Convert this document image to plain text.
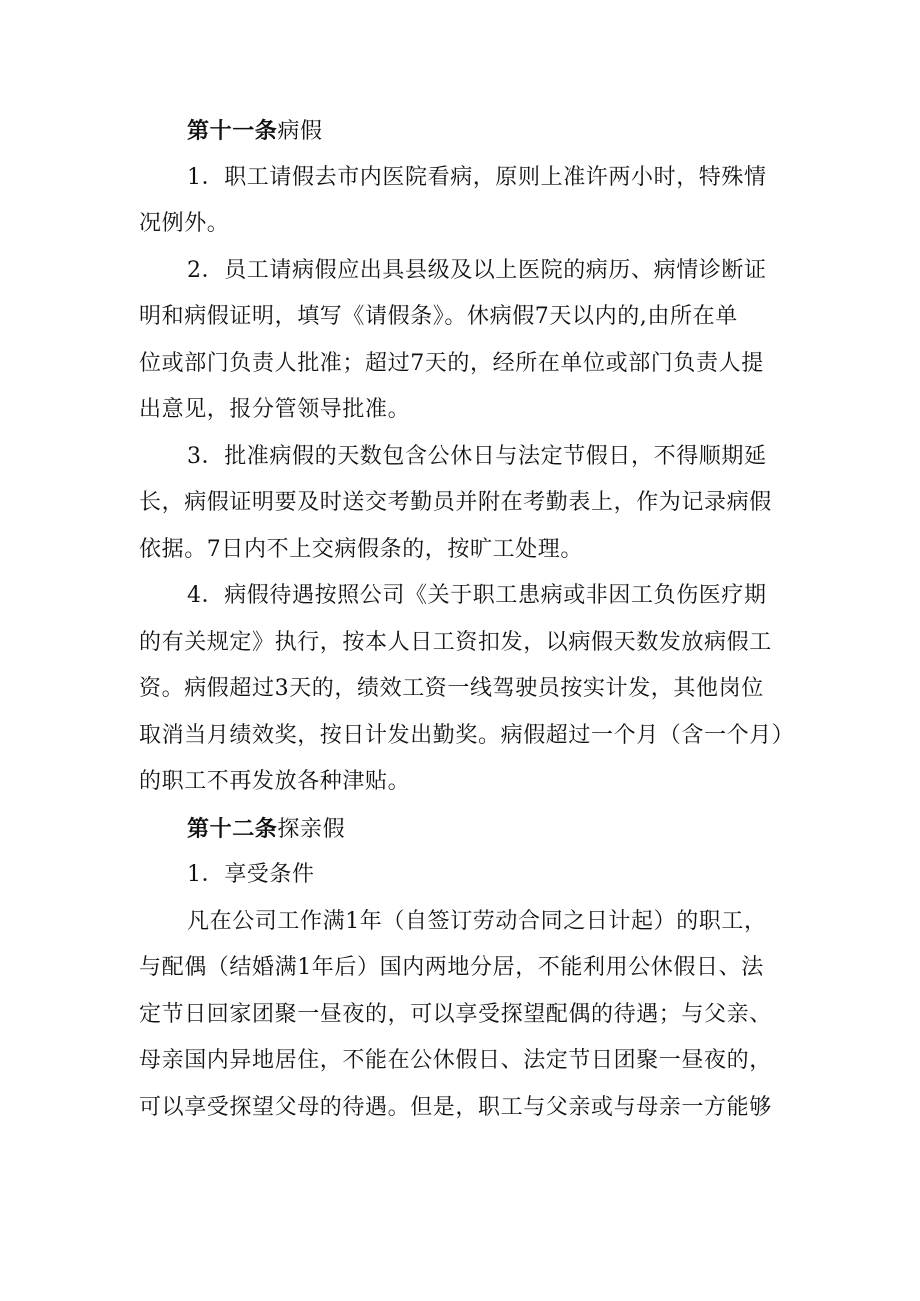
第十一条病假
1．职工请假去市内医院看病，原则上准许两小时，特殊情
况例外。
2．员工请病假应出具县级及以上医院的病历、病情诊断证
明和病假证明，填写《请假条》。休病假7天以内的,由所在单
位或部门负责人批准；超过7天的，经所在单位或部门负责人提
出意见，报分管领导批准。
3．批准病假的天数包含公休日与法定节假日，不得顺期延
长，病假证明要及时送交考勤员并附在考勤表上，作为记录病假
依据。7日内不上交病假条的，按旷工处理。
4．病假待遇按照公司《关于职工患病或非因工负伤医疗期
的有关规定》执行，按本人日工资扣发，以病假天数发放病假工
资。病假超过3天的，绩效工资一线驾驶员按实计发，其他岗位
取消当月绩效奖，按日计发出勤奖。病假超过一个月（含一个月）
的职工不再发放各种津贴。
第十二条探亲假
1．享受条件
凡在公司工作满1年（自签订劳动合同之日计起）的职工，
与配偶（结婚满1年后）国内两地分居，不能利用公休假日、法
定节日回家团聚一昼夜的，可以享受探望配偶的待遇；与父亲、
母亲国内异地居住，不能在公休假日、法定节日团聚一昼夜的，
可以享受探望父母的待遇。但是，职工与父亲或与母亲一方能够
